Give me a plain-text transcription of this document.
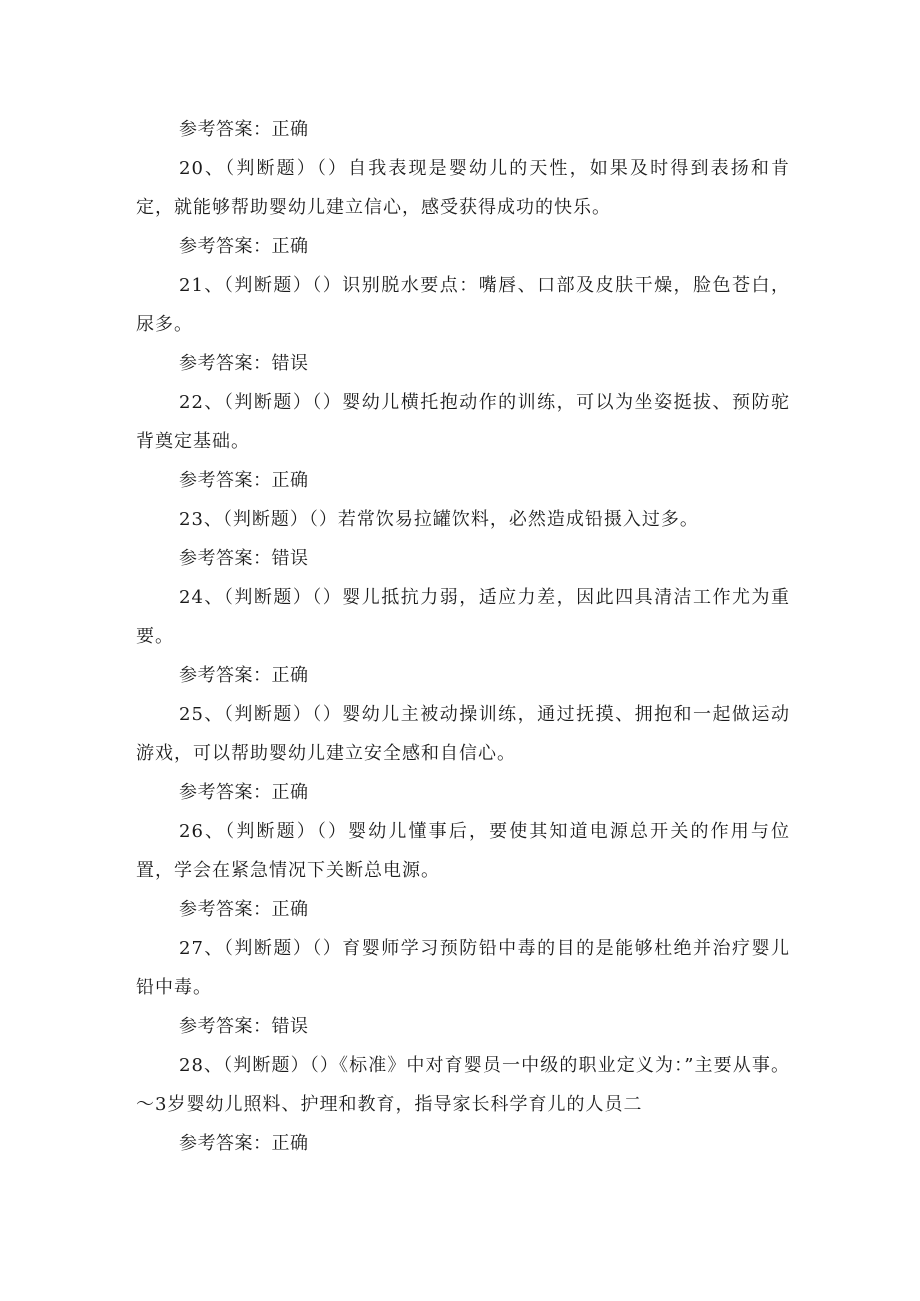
参考答案：正确
20、（判断题）（）自我表现是婴幼儿的天性，如果及时得到表扬和肯定，就能够帮助婴幼儿建立信心，感受获得成功的快乐。
参考答案：正确
21、（判断题）（）识别脱水要点：嘴唇、口部及皮肤干燥，脸色苍白，尿多。
参考答案：错误
22、（判断题）（）婴幼儿横托抱动作的训练，可以为坐姿挺拔、预防驼背奠定基础。
参考答案：正确
23、（判断题）（）若常饮易拉罐饮料，必然造成铅摄入过多。
参考答案：错误
24、（判断题）（）婴儿抵抗力弱，适应力差，因此四具清洁工作尤为重要。
参考答案：正确
25、（判断题）（）婴幼儿主被动操训练，通过抚摸、拥抱和一起做运动游戏，可以帮助婴幼儿建立安全感和自信心。
参考答案：正确
26、（判断题）（）婴幼儿懂事后，要使其知道电源总开关的作用与位置，学会在紧急情况下关断总电源。
参考答案：正确
27、（判断题）（）育婴师学习预防铅中毒的目的是能够杜绝并治疗婴儿铅中毒。
参考答案：错误
28、（判断题）（）《标准》中对育婴员一中级的职业定义为：”主要从事。～3岁婴幼儿照料、护理和教育，指导家长科学育儿的人员二
参考答案：正确
